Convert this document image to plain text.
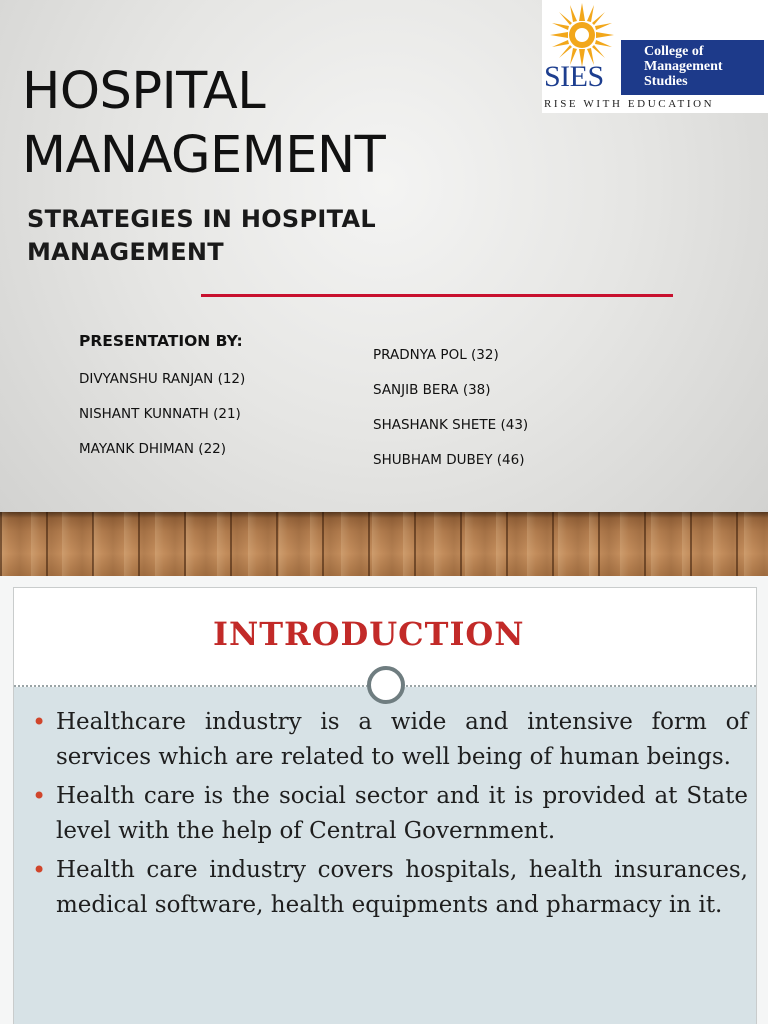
HOSPITAL
MANAGEMENT
STRATEGIES IN HOSPITAL
MANAGEMENT
PRESENTATION BY:
DIVYANSHU RANJAN (12)
NISHANT KUNNATH (21)
MAYANK DHIMAN (22)
PRADNYA POL (32)
SANJIB BERA (38)
SHASHANK SHETE (43)
SHUBHAM DUBEY (46)
SIES
College of
Management
Studies
RISE WITH EDUCATION
INTRODUCTION
• Healthcare industry is a wide and intensive form of services which are related to well being of human beings.
• Health care is the social sector and it is provided at State level with the help of Central Government.
• Health care industry covers hospitals, health insurances, medical software, health equipments and pharmacy in it.
